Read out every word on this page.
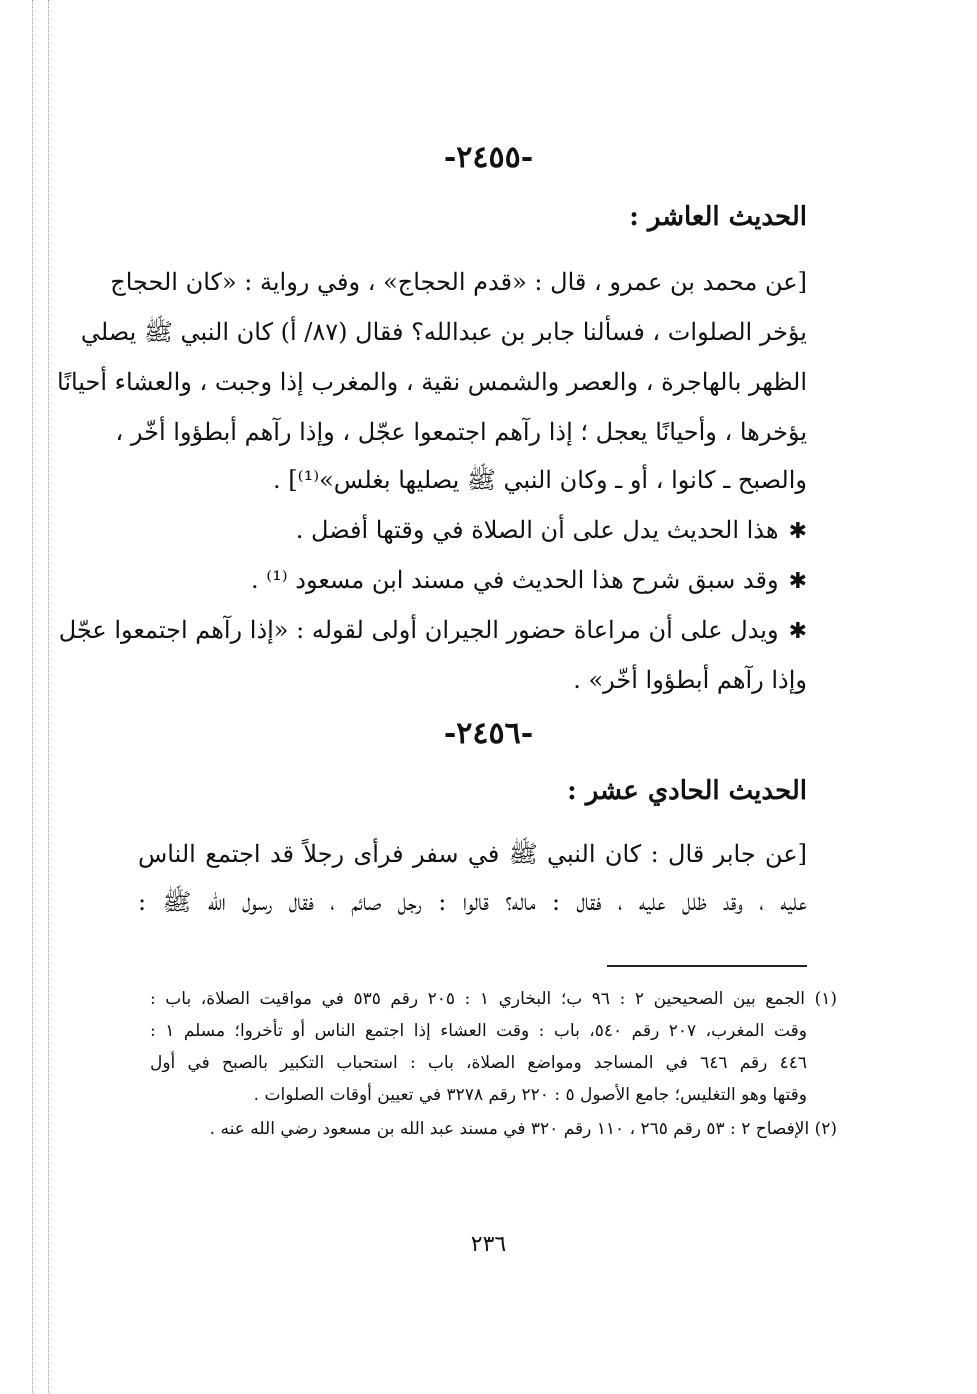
-٢٤٥٥-
الحديث العاشر :
[عن محمد بن عمرو ، قال : «قدم الحجاج» ، وفي رواية : «كان الحجاج
يؤخر الصلوات ، فسألنا جابر بن عبدالله؟ فقال (٨٧/ أ) كان النبي ﷺ يصلي
الظهر بالهاجرة ، والعصر والشمس نقية ، والمغرب إذا وجبت ، والعشاء أحيانًا
يؤخرها ، وأحيانًا يعجل ؛ إذا رآهم اجتمعوا عجّل ، وإذا رآهم أبطؤوا أخّر ،
والصبح ـ كانوا ، أو ـ وكان النبي ﷺ يصليها بغلس»⁽¹⁾] .
✱هذا الحديث يدل على أن الصلاة في وقتها أفضل .
✱وقد سبق شرح هذا الحديث في مسند ابن مسعود ⁽¹⁾ .
✱ويدل على أن مراعاة حضور الجيران أولى لقوله : «إذا رآهم اجتمعوا عجّل
وإذا رآهم أبطؤوا أخّر» .
-٢٤٥٦-
الحديث الحادي عشر :
[عن جابر قال : كان النبي ﷺ في سفر فرأى رجلاً قد اجتمع الناس
عليه ، وقد ظلل عليه ، فقال : ماله؟ قالوا : رجل صائم ، فقال رسول الله ﷺ :
(١) الجمع بين الصحيحين ٢ : ٩٦ ب؛ البخاري ١ : ٢٠٥ رقم ٥٣٥ في مواقيت الصلاة، باب :
وقت المغرب، ٢٠٧ رقم ٥٤٠، باب : وقت العشاء إذا اجتمع الناس أو تأخروا؛ مسلم ١ :
٤٤٦ رقم ٦٤٦ في المساجد ومواضع الصلاة، باب : استحباب التكبير بالصبح في أول
وقتها وهو التغليس؛ جامع الأصول ٥ : ٢٢٠ رقم ٣٢٧٨ في تعيين أوقات الصلوات .
(٢) الإفصاح ٢ : ٥٣ رقم ٢٦٥ ، ١١٠ رقم ٣٢٠ في مسند عبد الله بن مسعود رضي الله عنه .
٢٣٦
